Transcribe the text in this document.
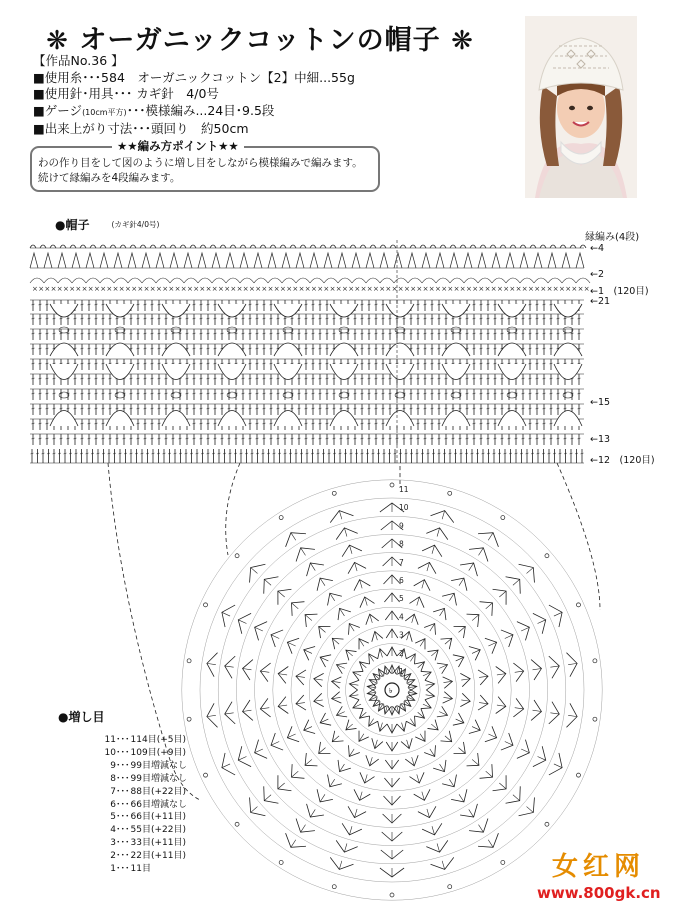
❋ オーガニックコットンの帽子 ❋
【作品No.36 】
■使用糸･･･584　オーガニックコットン【2】中細...55g
■使用針･用具･･･ カギ針　4/0号
■ゲージ(10cm平方)･･･模様編み...24目･9.5段
■出来上がり寸法･･･頭回り　約50cm
★★編み方ポイント★★
わの作り目をして図のように増し目をしながら模様編みで編みます。
続けて縁編みを4段編みます。
●帽子	$^{(カギ針4/0号)}$
縁編み(4段)
←4
←2
←1　(120目)
←21
←15
←13
←12　(120目)
× × × × × × × × × × × × × × × × × × × × × × × × × × × × × × × × × × × × × × × × × × × × × × × × × × × × × × × × × × × × × × × × × × × × × × × × × × × × × × × × × × × × × × × × × ×
৳
1
2
3
4
5
6
7
8
9
10
11
●増し目
11 ･･･ 114目(+5目)
10 ･･･ 109目(+9目)
9 ･･･ 99目増減なし
8 ･･･ 99目増減なし
7 ･･･ 88目(+22目)
6 ･･･ 66目増減なし
5 ･･･ 66目(+11目)
4 ･･･ 55目(+22目)
3 ･･･ 33目(+11目)
2 ･･･ 22目(+11目)
1 ･･･ 11目	女红网
www.800gk.cn
